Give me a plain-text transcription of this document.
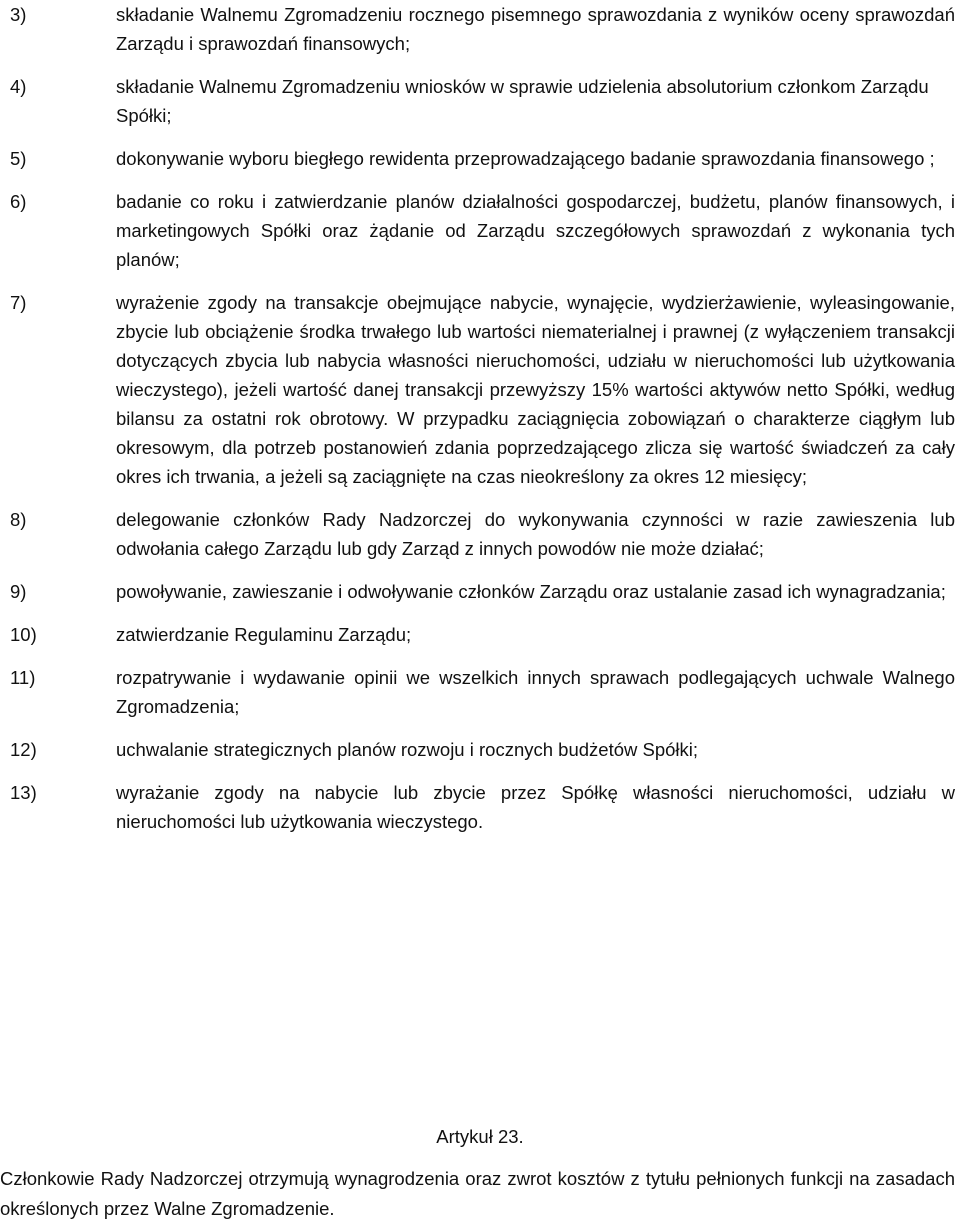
3)	składanie Walnemu Zgromadzeniu rocznego pisemnego sprawozdania z wyników oceny sprawozdań Zarządu i sprawozdań finansowych;
4)	składanie Walnemu Zgromadzeniu wniosków w sprawie udzielenia absolutorium członkom Zarządu Spółki;
5)	dokonywanie wyboru biegłego rewidenta przeprowadzającego badanie sprawozdania finansowego ;
6)	badanie co roku i zatwierdzanie planów działalności gospodarczej, budżetu, planów finansowych, i marketingowych Spółki oraz żądanie od Zarządu szczegółowych sprawozdań z wykonania tych planów;
7)	wyrażenie zgody na transakcje obejmujące nabycie, wynajęcie, wydzierżawienie, wyleasingowanie, zbycie lub obciążenie środka trwałego lub wartości niematerialnej i prawnej (z wyłączeniem transakcji dotyczących zbycia lub nabycia własności nieruchomości, udziału w nieruchomości lub użytkowania wieczystego), jeżeli wartość danej transakcji przewyższy 15% wartości aktywów netto Spółki, według bilansu za ostatni rok obrotowy. W przypadku zaciągnięcia zobowiązań o charakterze ciągłym lub okresowym, dla potrzeb postanowień zdania poprzedzającego zlicza się wartość świadczeń za cały okres ich trwania, a jeżeli są zaciągnięte na czas nieokreślony za okres 12 miesięcy;
8)	delegowanie członków Rady Nadzorczej do wykonywania czynności w razie zawieszenia lub odwołania całego Zarządu lub gdy Zarząd z innych powodów nie może działać;
9)	powoływanie, zawieszanie i odwoływanie członków Zarządu oraz ustalanie zasad ich wynagradzania;
10)	zatwierdzanie Regulaminu Zarządu;
11)	rozpatrywanie i wydawanie opinii we wszelkich innych sprawach podlegających uchwale Walnego Zgromadzenia;
12)	uchwalanie strategicznych planów rozwoju i rocznych budżetów Spółki;
13)	wyrażanie zgody na nabycie lub zbycie przez Spółkę własności nieruchomości, udziału w nieruchomości lub użytkowania wieczystego.
Artykuł 23.
Członkowie Rady Nadzorczej otrzymują wynagrodzenia oraz zwrot kosztów z tytułu pełnionych funkcji na zasadach określonych przez Walne Zgromadzenie.
